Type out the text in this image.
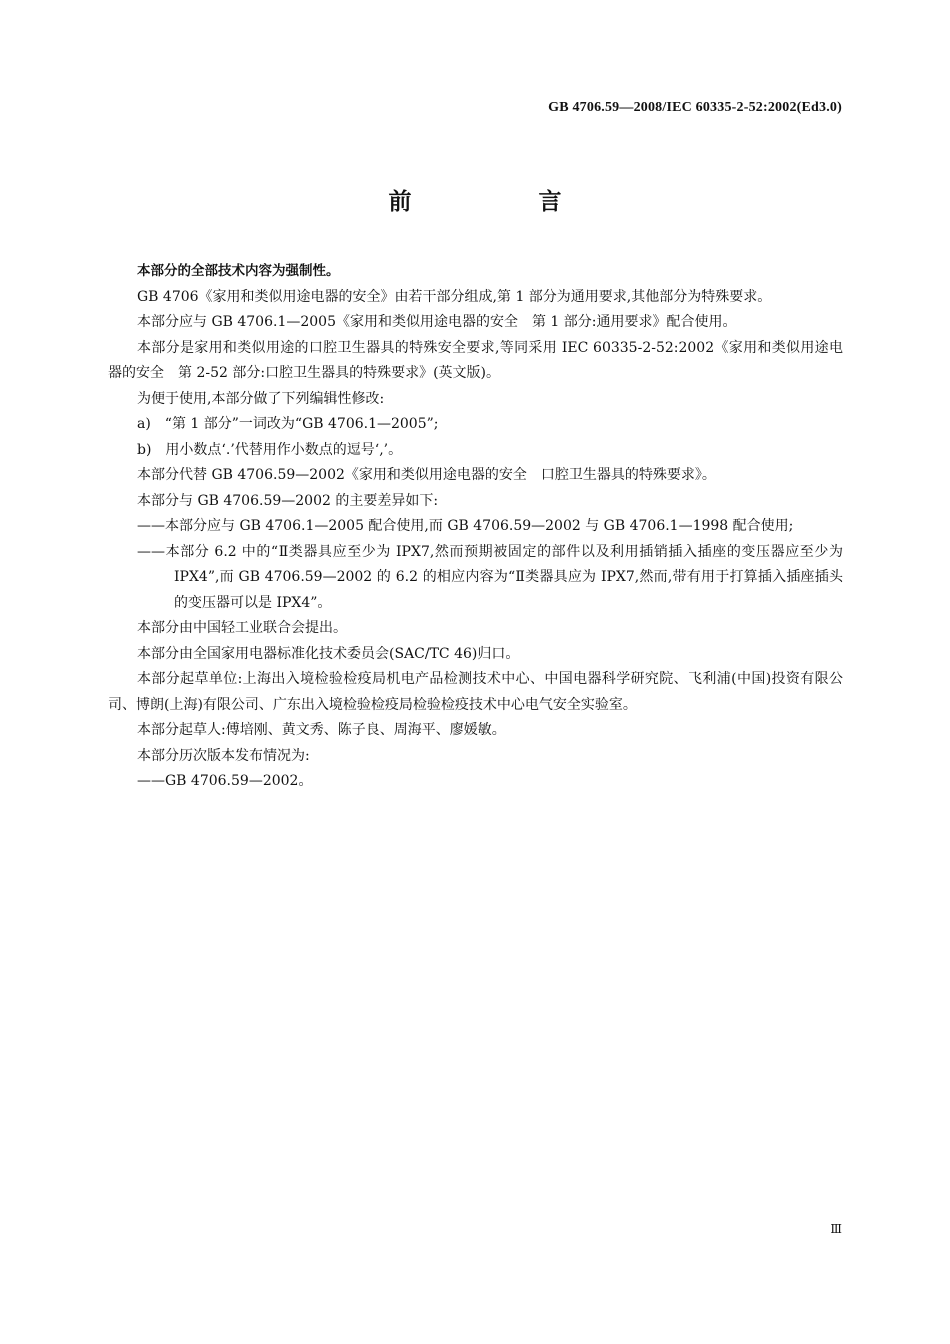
GB 4706.59—2008/IEC 60335-2-52:2002(Ed3.0)
前　言

本部分的全部技术内容为强制性。

GB 4706《家用和类似用途电器的安全》由若干部分组成,第 1 部分为通用要求,其他部分为特殊要求。

本部分应与 GB 4706.1—2005《家用和类似用途电器的安全　第 1 部分:通用要求》配合使用。

本部分是家用和类似用途的口腔卫生器具的特殊安全要求,等同采用 IEC 60335-2-52:2002《家用和类似用途电器的安全　第 2-52 部分:口腔卫生器具的特殊要求》(英文版)。

为便于使用,本部分做了下列编辑性修改:

a)　“第 1 部分”一词改为“GB 4706.1—2005”;

b)　用小数点‘.’代替用作小数点的逗号‘,’。

本部分代替 GB 4706.59—2002《家用和类似用途电器的安全　口腔卫生器具的特殊要求》。

本部分与 GB 4706.59—2002 的主要差异如下:

——本部分应与 GB 4706.1—2005 配合使用,而 GB 4706.59—2002 与 GB 4706.1—1998 配合使用;

——本部分 6.2 中的“Ⅱ类器具应至少为 IPX7,然而预期被固定的部件以及利用插销插入插座的变压器应至少为 IPX4”,而 GB 4706.59—2002 的 6.2 的相应内容为“Ⅱ类器具应为 IPX7,然而,带有用于打算插入插座插头的变压器可以是 IPX4”。

本部分由中国轻工业联合会提出。

本部分由全国家用电器标准化技术委员会(SAC/TC 46)归口。

本部分起草单位:上海出入境检验检疫局机电产品检测技术中心、中国电器科学研究院、飞利浦(中国)投资有限公司、博朗(上海)有限公司、广东出入境检验检疫局检验检疫技术中心电气安全实验室。

本部分起草人:傅培刚、黄文秀、陈子良、周海平、廖媛敏。

本部分历次版本发布情况为:

——GB 4706.59—2002。

Ⅲ
